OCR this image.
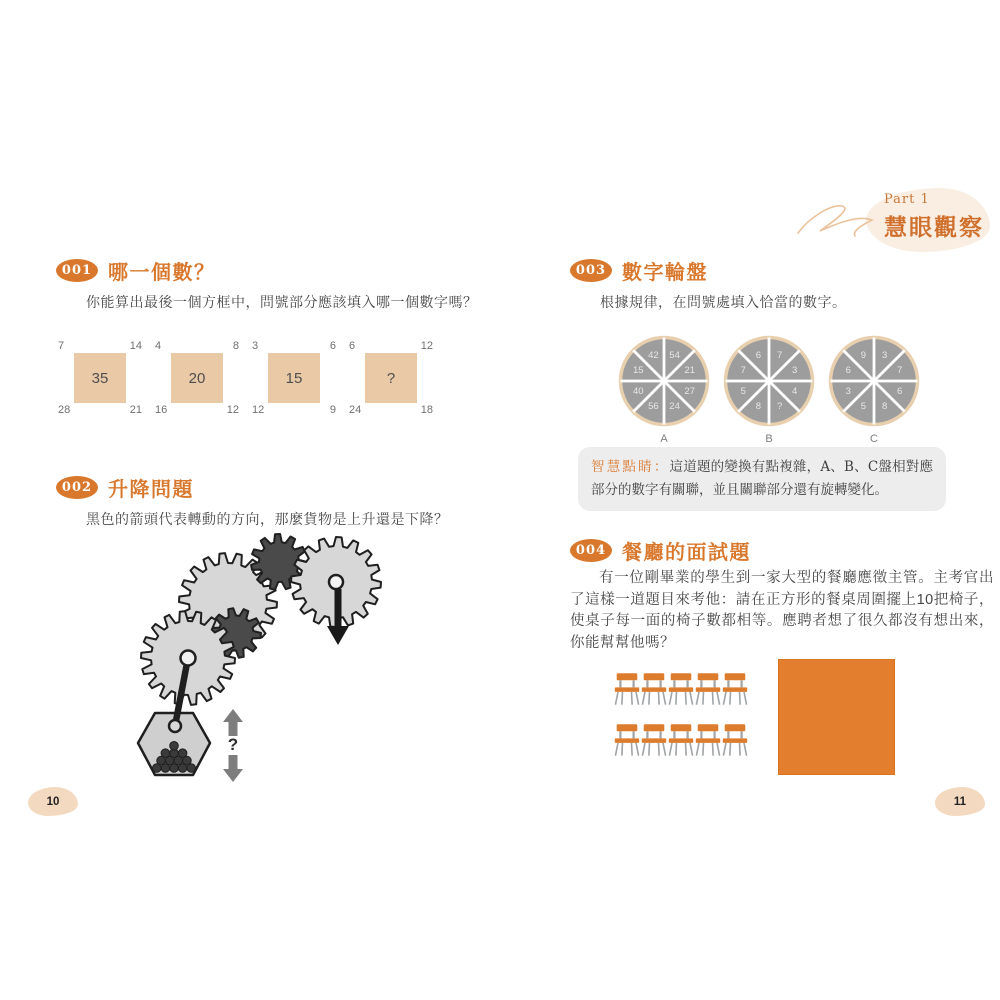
Part 1
慧眼觀察
001 哪一個數？

你能算出最後一個方框中，問號部分應該填入哪一個數字嗎？

7	14
28	21
35
4	8
16	12
20
3	6
12	9
15
6	12
24	18
?
002 升降問題

黑色的箭頭代表轉動的方向，那麼貨物是上升還是下降？

?
003 數字輪盤

根據規律，在問號處填入恰當的數字。

42 54
21
27
24
56
40
15
A
6 7
3
4
?
8
5
7
B
9 3
7
6
8
5
3
6
C
智慧點睛：這道題的變換有點複雜，A、B、C盤相對應部分的數字有關聯，並且關聯部分還有旋轉變化。
004 餐廳的面試題

有一位剛畢業的學生到一家大型的餐廳應徵主管。主考官出了這樣一道題目來考他：請在正方形的餐桌周圍擺上10把椅子，使桌子每一面的椅子數都相等。應聘者想了很久都沒有想出來，你能幫幫他嗎？

10	11
